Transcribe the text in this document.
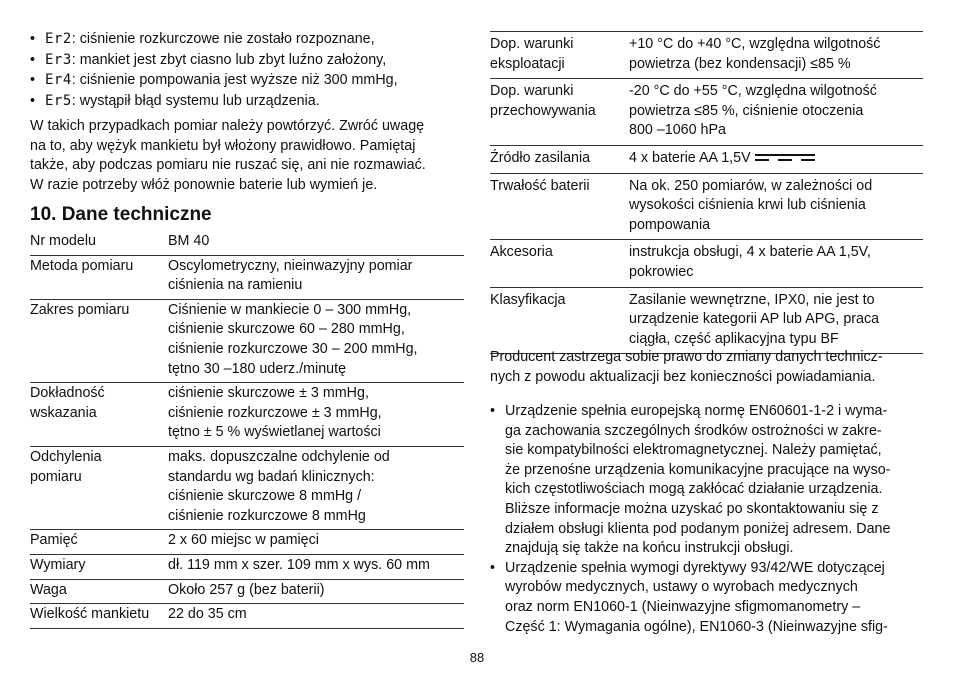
• Er2: ciśnienie rozkurczowe nie zostało rozpoznane,
• Er3: mankiet jest zbyt ciasno lub zbyt luźno założony,
• Er4: ciśnienie pompowania jest wyższe niż 300 mmHg,
• Er5: wystąpił błąd systemu lub urządzenia.

W takich przypadkach pomiar należy powtórzyć. Zwróć uwagę
na to, aby wężyk mankietu był włożony prawidłowo. Pamiętaj
także, aby podczas pomiaru nie ruszać się, ani nie rozmawiać.
W razie potrzeby włóż ponownie baterie lub wymień je.

10. Dane techniczne
Nr modelu	BM 40
Metoda pomiaru	Oscylometryczny, nieinwazyjny pomiar
ciśnienia na ramieniu
Zakres pomiaru	Ciśnienie w mankiecie 0 – 300 mmHg,
ciśnienie skurczowe 60 – 280 mmHg,
ciśnienie rozkurczowe 30 – 200 mmHg,
tętno 30 –180 uderz./minutę
Dokładność
wskazania	ciśnienie skurczowe ± 3 mmHg,
ciśnienie rozkurczowe ± 3 mmHg,
tętno ± 5 % wyświetlanej wartości
Odchylenia
pomiaru	maks. dopuszczalne odchylenie od
standardu wg badań klinicznych:
ciśnienie skurczowe 8 mmHg /
ciśnienie rozkurczowe 8 mmHg
Pamięć	2 x 60 miejsc w pamięci
Wymiary	dł. 119 mm x szer. 109 mm x wys. 60 mm
Waga	Około 257 g (bez baterii)
Wielkość mankietu	22 do 35 cm
Dop. warunki
eksploatacji	+10 °C do +40 °C, względna wilgotność
powietrza (bez kondensacji) ≤85 %
Dop. warunki
przechowywania	-20 °C do +55 °C, względna wilgotność
powietrza ≤85 %, ciśnienie otoczenia
800 –1060 hPa
Źródło zasilania	4 x baterie AA 1,5V

Trwałość baterii	Na ok. 250 pomiarów, w zależności od
wysokości ciśnienia krwi lub ciśnienia
pompowania
Akcesoria	instrukcja obsługi, 4 x baterie AA 1,5V,
pokrowiec
Klasyfikacja	Zasilanie wewnętrzne, IPX0, nie jest to
urządzenie kategorii AP lub APG, praca
ciągła, część aplikacyjna typu BF

Producent zastrzega sobie prawo do zmiany danych technicz-
nych z powodu aktualizacji bez konieczności powiadamiania.

• Urządzenie spełnia europejską normę EN60601-1-2 i wyma-
ga zachowania szczególnych środków ostrożności w zakre-
sie kompatybilności elektromagnetycznej. Należy pamiętać,
że przenośne urządzenia komunikacyjne pracujące na wyso-
kich częstotliwościach mogą zakłócać działanie urządzenia.
Bliższe informacje można uzyskać po skontaktowaniu się z
działem obsługi klienta pod podanym poniżej adresem. Dane
znajdują się także na końcu instrukcji obsługi.
• Urządzenie spełnia wymogi dyrektywy 93/42/WE dotyczącej
wyrobów medycznych, ustawy o wyrobach medycznych
oraz norm EN1060-1 (Nieinwazyjne sfigmomanometry –
Część 1: Wymagania ogólne), EN1060-3 (Nieinwazyjne sfig-
88
